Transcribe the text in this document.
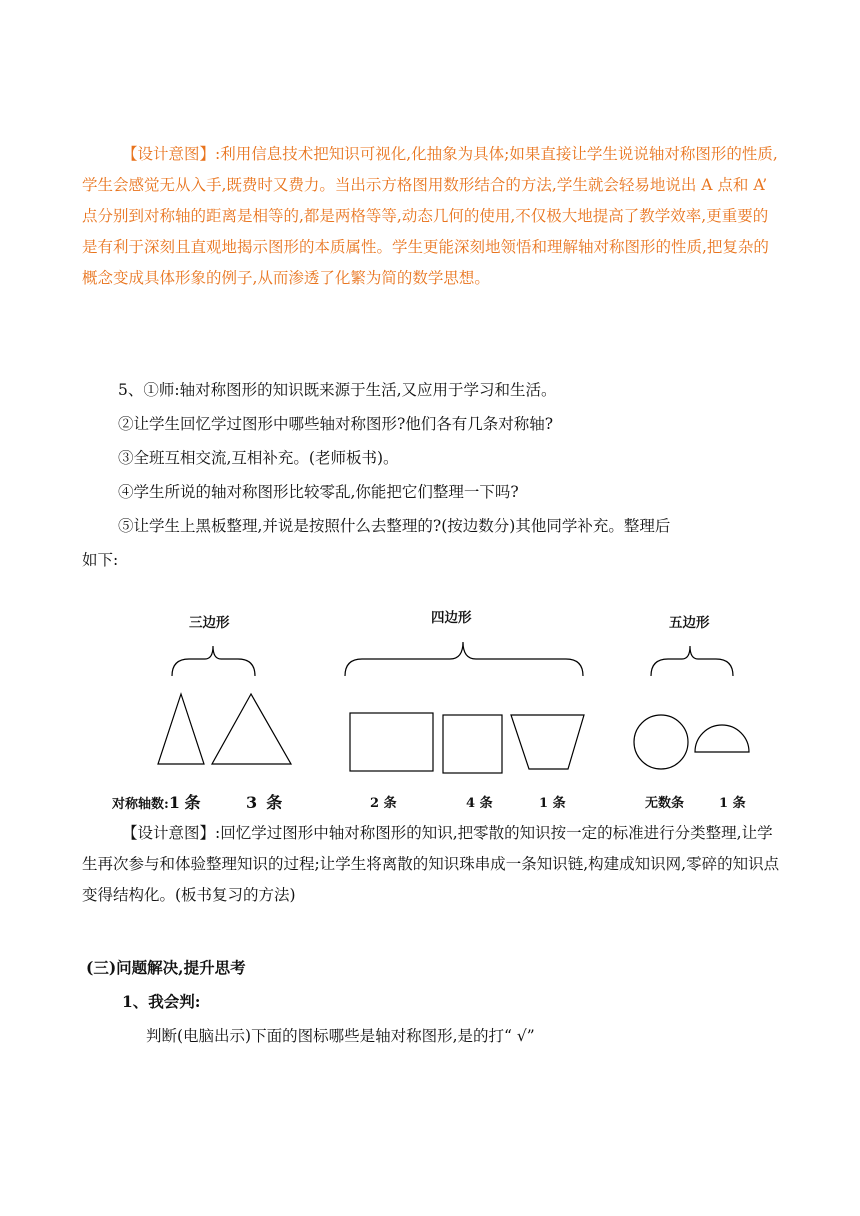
【设计意图】:利用信息技术把知识可视化,化抽象为具体;如果直接让学生说说轴对称图形的性质,学生会感觉无从入手,既费时又费力。当出示方格图用数形结合的方法,学生就会轻易地说出 A 点和 A’ 点分别到对称轴的距离是相等的,都是两格等等,动态几何的使用,不仅极大地提高了教学效率,更重要的是有利于深刻且直观地揭示图形的本质属性。学生更能深刻地领悟和理解轴对称图形的性质,把复杂的概念变成具体形象的例子,从而渗透了化繁为简的数学思想。
5、①师:轴对称图形的知识既来源于生活,又应用于学习和生活。
②让学生回忆学过图形中哪些轴对称图形?他们各有几条对称轴?
③全班互相交流,互相补充。(老师板书)。
④学生所说的轴对称图形比较零乱,你能把它们整理一下吗?
⑤让学生上黑板整理,并说是按照什么去整理的?(按边数分)其他同学补充。整理后
如下:
三边形	四边形	五边形
对称轴数:1 条	3 条	2 条	4 条	1 条	无数条	1 条
【设计意图】:回忆学过图形中轴对称图形的知识,把零散的知识按一定的标准进行分类整理,让学生再次参与和体验整理知识的过程;让学生将离散的知识珠串成一条知识链,构建成知识网,零碎的知识点变得结构化。(板书复习的方法)
(三)问题解决,提升思考
1、我会判:
判断(电脑出示)下面的图标哪些是轴对称图形,是的打“ √”
